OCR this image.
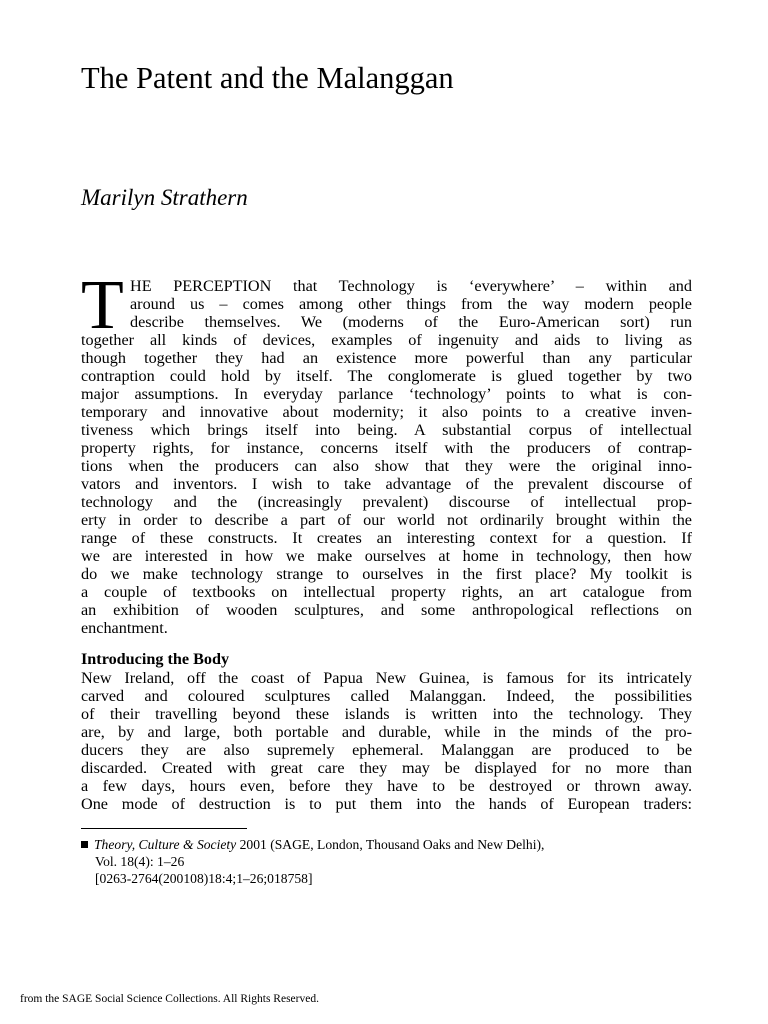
The Patent and the Malanggan
Marilyn Strathern
T HE PERCEPTION that Technology is ‘everywhere’ – within and
around us – comes among other things from the way modern people
describe themselves. We (moderns of the Euro-American sort) run
together all kinds of devices, examples of ingenuity and aids to living as
though together they had an existence more powerful than any particular
contraption could hold by itself. The conglomerate is glued together by two
major assumptions. In everyday parlance ‘technology’ points to what is con-
temporary and innovative about modernity; it also points to a creative inven-
tiveness which brings itself into being. A substantial corpus of intellectual
property rights, for instance, concerns itself with the producers of contrap-
tions when the producers can also show that they were the original inno-
vators and inventors. I wish to take advantage of the prevalent discourse of
technology and the (increasingly prevalent) discourse of intellectual prop-
erty in order to describe a part of our world not ordinarily brought within the
range of these constructs. It creates an interesting context for a question. If
we are interested in how we make ourselves at home in technology, then how
do we make technology strange to ourselves in the first place? My toolkit is
a couple of textbooks on intellectual property rights, an art catalogue from
an exhibition of wooden sculptures, and some anthropological reflections on
enchantment.
Introducing the Body
New Ireland, off the coast of Papua New Guinea, is famous for its intricately
carved and coloured sculptures called Malanggan. Indeed, the possibilities
of their travelling beyond these islands is written into the technology. They
are, by and large, both portable and durable, while in the minds of the pro-
ducers they are also supremely ephemeral. Malanggan are produced to be
discarded. Created with great care they may be displayed for no more than
a few days, hours even, before they have to be destroyed or thrown away.
One mode of destruction is to put them into the hands of European traders:
Theory, Culture & Society 2001 (SAGE, London, Thousand Oaks and New Delhi),
Vol. 18(4): 1–26
[0263-2764(200108)18:4;1–26;018758]
from the SAGE Social Science Collections. All Rights Reserved.
